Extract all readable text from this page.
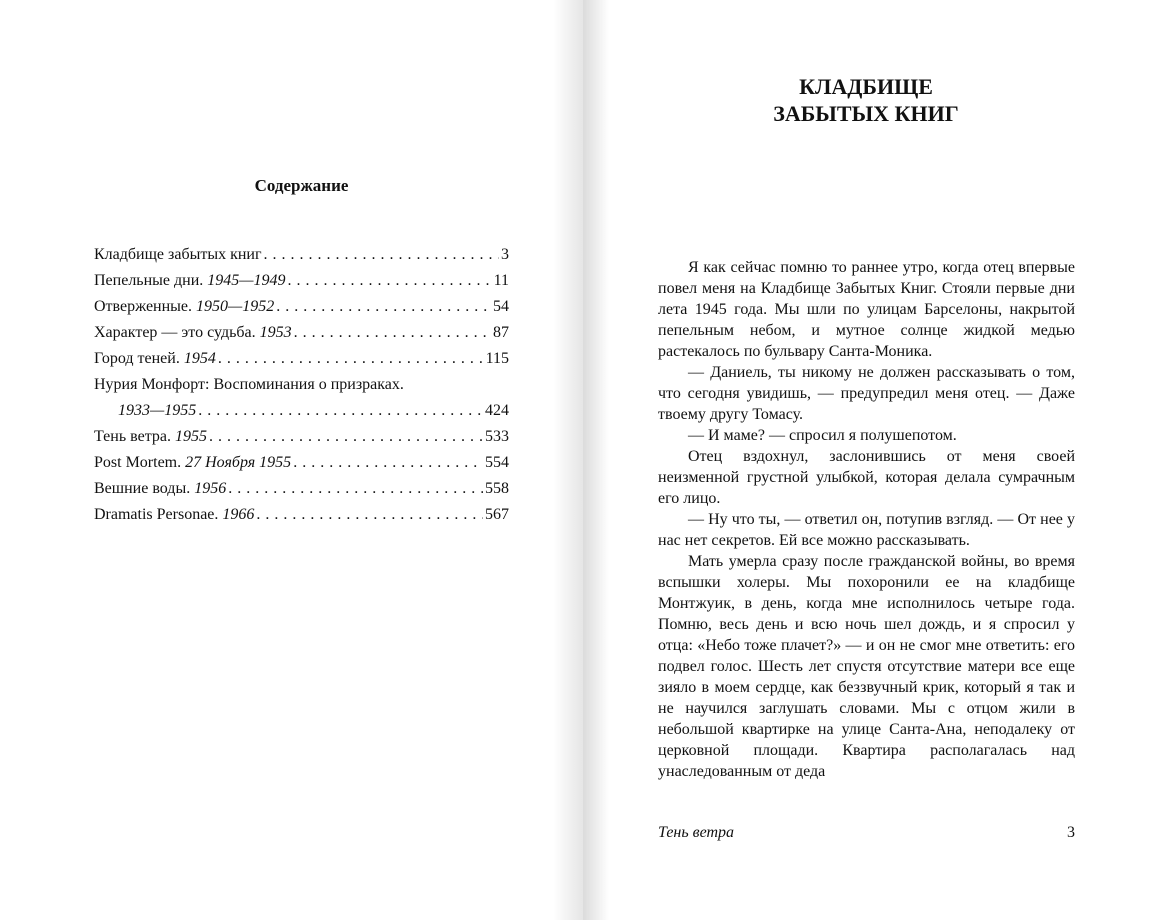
Содержание
Кладбище забытых книг . . .	3
Пепельные дни. 1945—1949 . . .	11
Отверженные. 1950—1952 . . .	54
Характер — это судьба. 1953 . . .	87
Город теней. 1954 . . .	115
Нурия Монфорт: Воспоминания о призраках.
1933—1955 . . .	424
Тень ветра. 1955 . . .	533
Post Mortem. 27 Ноября 1955 . . .	554
Вешние воды. 1956 . . .	558
Dramatis Personae. 1966 . . .	567
КЛАДБИЩЕ
ЗАБЫТЫХ КНИГ

Я как сейчас помню то раннее утро, когда отец впервые повел меня на Кладбище Забытых Книг. Стояли первые дни лета 1945 года. Мы шли по улицам Барселоны, накрытой пепельным небом, и мутное солнце жидкой медью растекалось по бульвару Санта-Моника.

— Даниель, ты никому не должен рассказывать о том, что сегодня увидишь, — предупредил меня отец. — Даже твоему другу Томасу.

— И маме? — спросил я полушепотом.

Отец вздохнул, заслонившись от меня своей неизменной грустной улыбкой, которая делала сумрачным его лицо.

— Ну что ты, — ответил он, потупив взгляд. — От нее у нас нет секретов. Ей все можно рассказывать.

Мать умерла сразу после гражданской войны, во время вспышки холеры. Мы похоронили ее на кладбище Монтжуик, в день, когда мне исполнилось четыре года. Помню, весь день и всю ночь шел дождь, и я спросил у отца: «Небо тоже плачет?» — и он не смог мне ответить: его подвел голос. Шесть лет спустя отсутствие матери все еще зияло в моем сердце, как беззвучный крик, который я так и не научился заглушать словами. Мы с отцом жили в небольшой квартирке на улице Санта-Ана, неподалеку от церковной площади. Квартира располагалась над унаследованным от деда

Тень ветра	3
